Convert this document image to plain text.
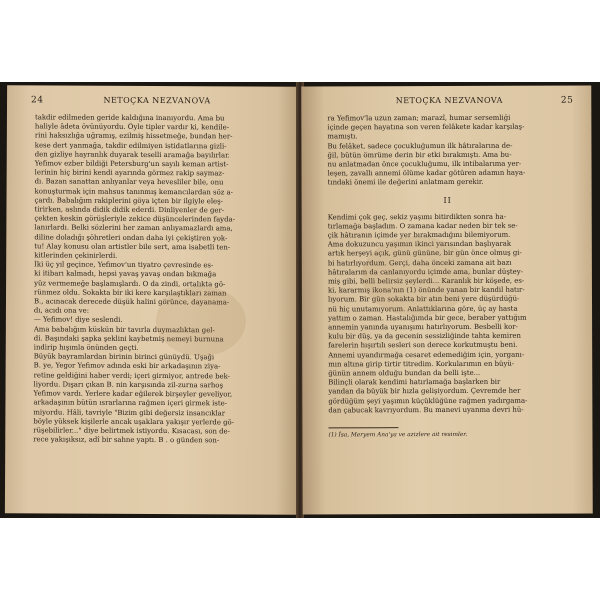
24	NETOÇKA NEZVANOVA
takdir edilmeden geride kaldığına inanıyordu. Ama bu
haliyle âdeta övünüyordu. Öyle tipler vardır ki, kendile-
rini haksızlığa uğramış, ezilmiş hissetmeğe, bundan her-
kese dert yanmağa, takdir edilmiyen istidatlarına gizli-
den gizliye hayranlık duyarak teselli aramağa bayılırlar.
Yefimov ezber bildiği Petersburg'un sayılı keman artist-
lerinin hiç birini kendi ayarında görmez rakip saymaz-
dı. Bazan sanattan anlıyanlar veya hevesliler bile, onu
konuşturmak için mahsus tanınmış kemancılardan söz a-
çardı. Babalığım rakiplerini göya içten bir ilgiyle eleş-
tirirken, aslında didik didik ederdi. Dinliyenler de ger-
çekten keskin görüşleriyle zekice düşüncelerinden fayda-
lanırlardı. Belki sözlerini her zaman anlıyamazlardı ama,
diline doladığı şöhretleri ondan daha iyi çekiştiren yok-
tu! Alay konusu olan artistler bile sert, ama isabetli ten-
kitlerinden çekinirlerdi.
İki üç yıl geçince, Yefimov'un tiyatro çevresinde es-
ki itibarı kalmadı, hepsi yavaş yavaş ondan bıkmağa
yüz vermemeğe başlamışlardı. O da zindi, ortalıkta gö-
rünmez oldu. Sokakta bir iki kere karşılaştıkları zaman
B., acınacak derecede düşük halini görünce, dayanama-
dı, acıdı ona ve:
— Yefimov! diye seslendi.
Ama babalığım küskün bir tavırla duymazlıktan gel-
di. Başındaki şapka şeklini kaybetmiş nemeyi burnuna
indirip hışımla önünden geçti.
Büyük bayramlardan birinin birinci günüydü. Uşağı
B. ye, Yegor Yefimov adında eski bir arkadaşının ziya-
retine geldiğini haber verdi; içeri girmiyor, antrede bek-
liyordu. Dışarı çıkan B. nin karşısında zil-zurna sarhoş
Yefimov vardı. Yerlere kadar eğilerek birşeyler geveliyor,
arkadaşının bütün ısrarlarına rağmen içeri girmek iste-
miyordu. Hâli, tavriyle "Bizim gibi değersiz insancıklar
böyle yüksek kişilerle ancak uşaklara yakışır yerlerde gö-
rüşebilirler..." diye belirtmek istiyordu. Kısacası, son de-
rece yakışıksız, adî bir sahne yaptı. B . o günden son-
NETOÇKA NEZVANOVA	25
ra Yefimov'la uzun zaman; marazî, humar sersemliği
içinde geçen hayatına son veren felâkete kadar karşılaş-
mamıştı.
Bu felâket, sadece çocukluğumun ilk hâtıralarına de-
ğil, bütün ömrüme derin bir etki bırakmıştı. Ama bu-
nu anlatmadan önce çocukluğumu, ilk intibalarıma yer-
leşen, zavallı annemi ölüme kadar götüren adamın haya-
tındaki önemi ile değerini anlatmam gerekir.
II
Kendimi çok geç, sekiz yaşımı bitirdikten sonra ha-
tırlamağa başladım. O zamana kadar neden bir tek se-
çik hâtıranın içimde yer bırakmadığını bilemiyorum.
Ama dokuzuncu yaşımın ikinci yarısından başlıyarak
artık herşeyi açık, günü gününe, bir gün önce olmuş gi-
bi hatırlıyordum. Gerçi, daha önceki zamana ait bazı
hâtıralarım da canlanıyordu içimde ama, bunlar düştey-
miş gibi, belli belirsiz şeylerdi... Karanlık bir köşede, es-
ki, kararmış ikona'nın (1) önünde yanan bir kandil hatır-
lıyorum. Bir gün sokakta bir atın beni yere düşürdüğü-
nü hiç unutamıyorum. Anlattıklarına göre, üç ay hasta
yattım o zaman. Hastalığımda bir gece, beraber yattığım
annemin yanında uyanışımı hatırlıyorum. Besbelli kor-
kulu bir düş, ya da gecenin sessizliğinde tahta kemiren
farelerin hışırtılı sesleri son derece korkutmuştu beni.
Annemi uyandırmağa cesaret edemediğim için, yorganı-
mın altına girip tirtir titredim. Korkularımın en büyü-
ğünün annem olduğu bundan da belli işte...
Bilinçli olarak kendimi hatırlamağa başlarken bir
yandan da büyük bir hızla gelişiyordum. Çevremde her
gördüğüm şeyi yaşımın küçüklüğüne rağmen yadırgama-
dan çabucak kavrıyordum. Bu manevi uyanma devri hü-
(1) İsa, Meryem Ana'ya ve azizlere ait resimler.
